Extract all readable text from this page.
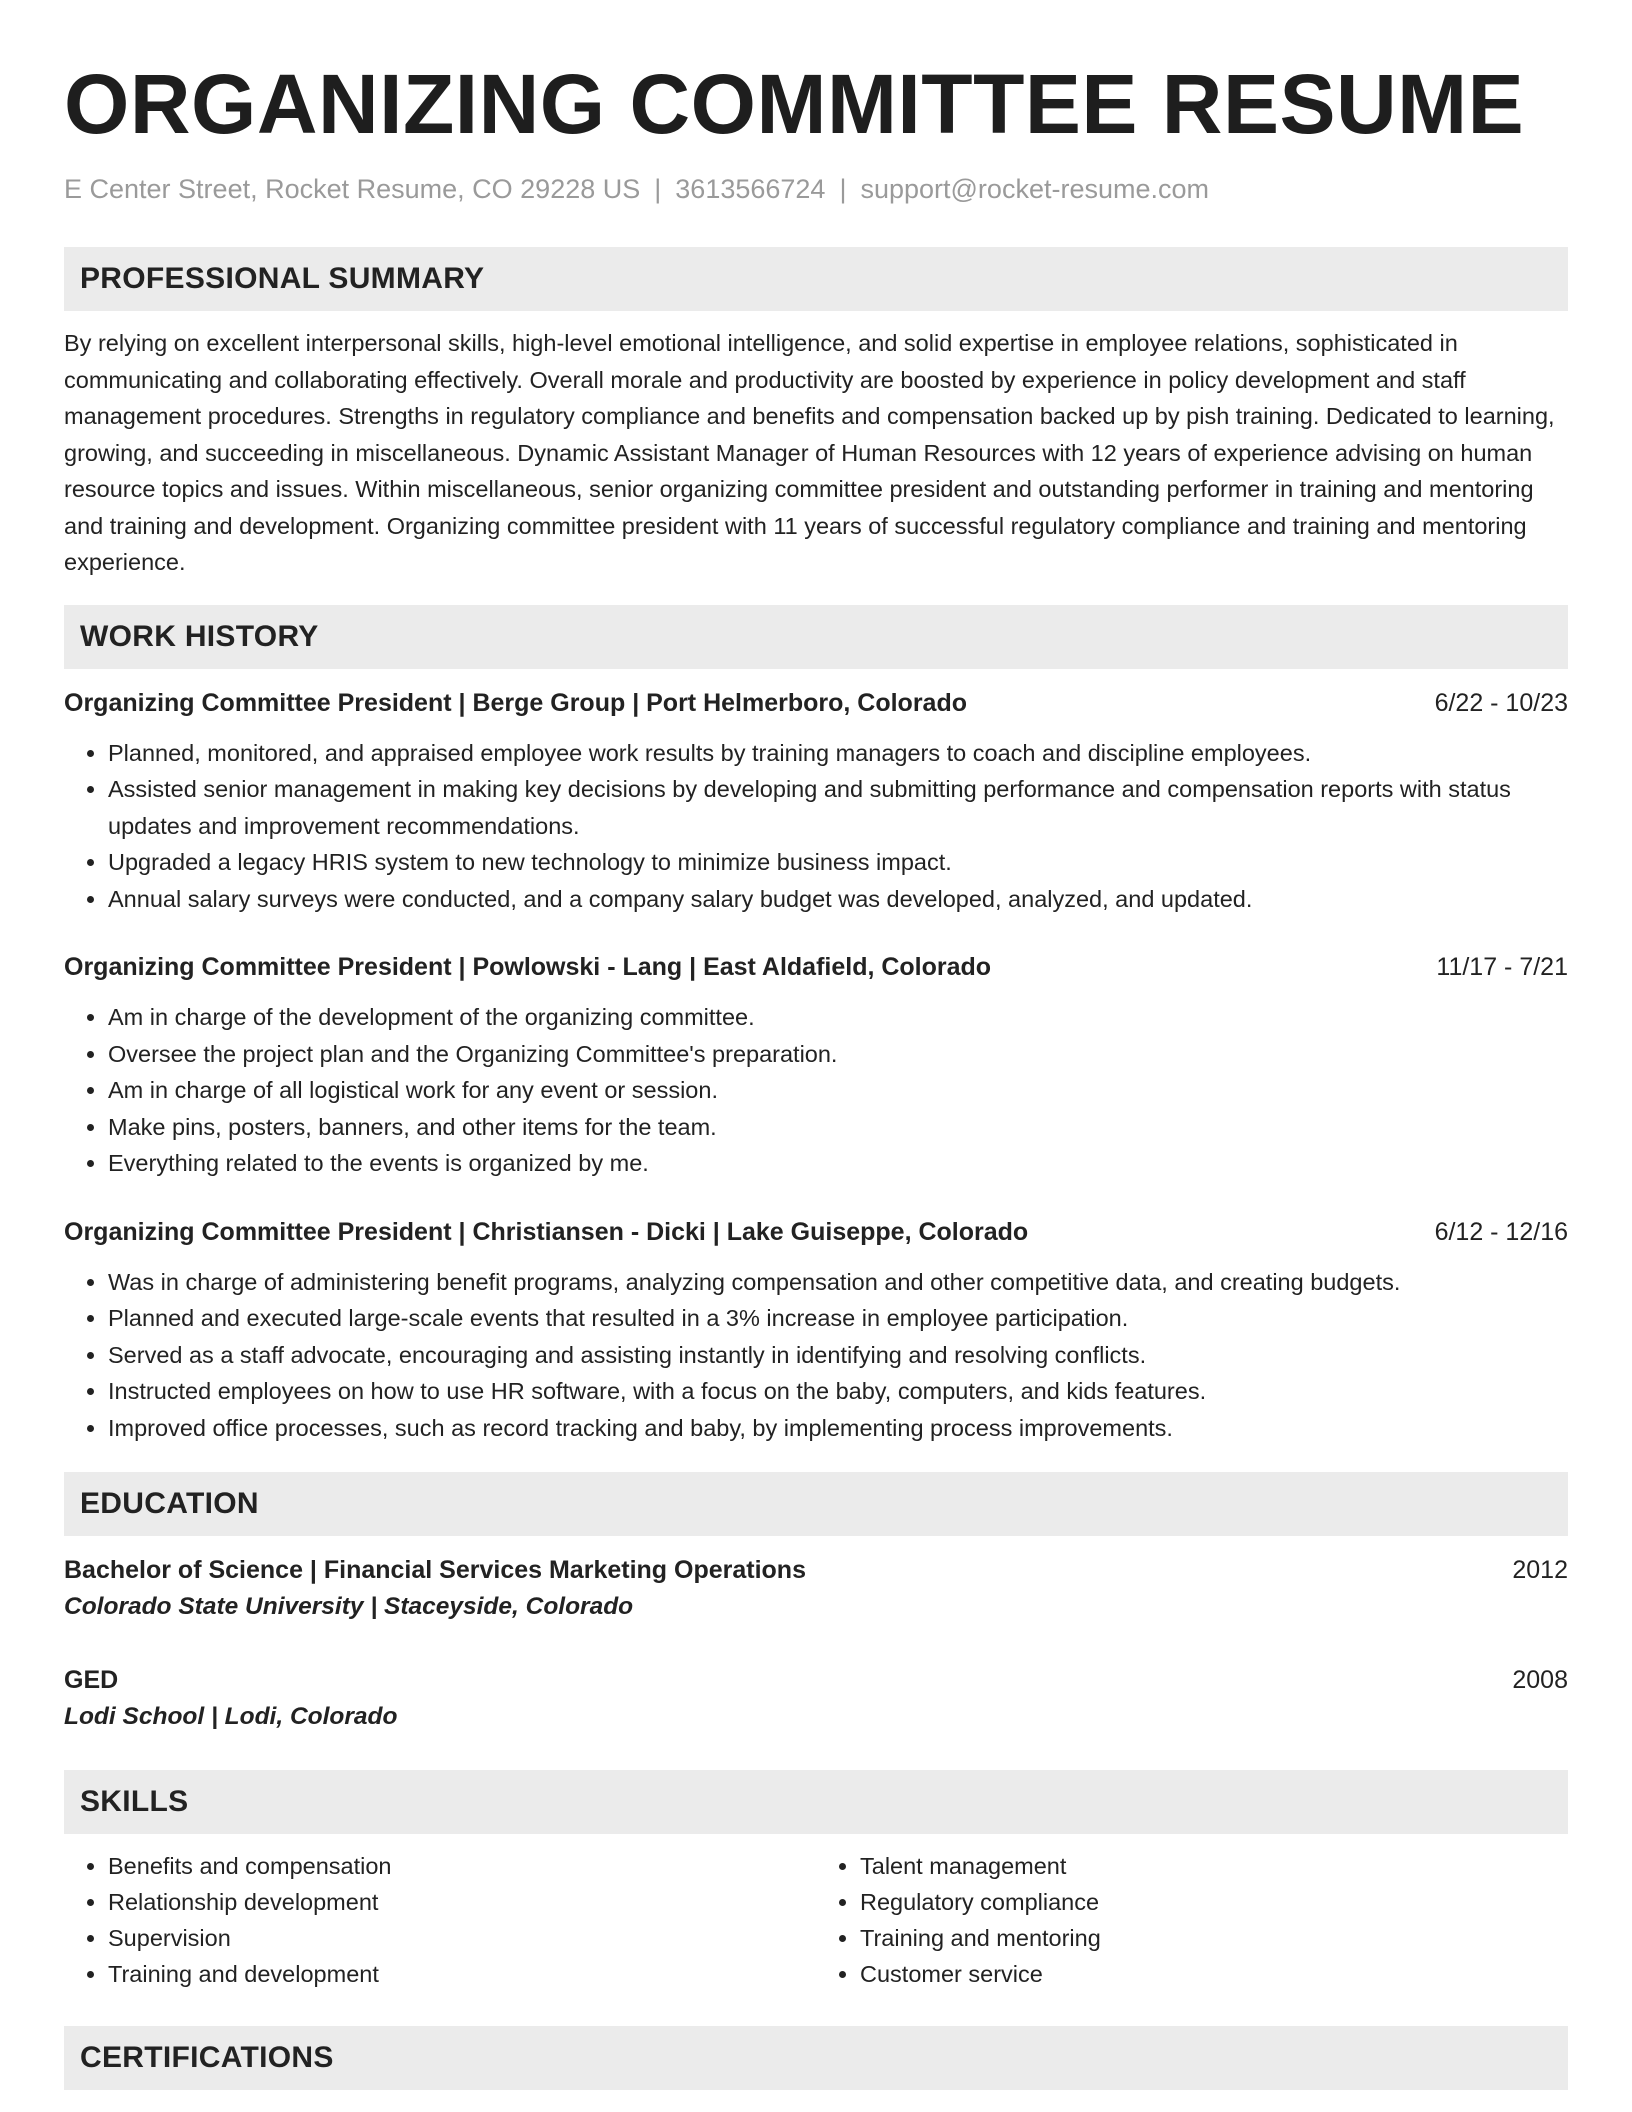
ORGANIZING COMMITTEE RESUME
E Center Street, Rocket Resume, CO 29228 US | 3613566724 | support@rocket-resume.com
PROFESSIONAL SUMMARY

By relying on excellent interpersonal skills, high-level emotional intelligence, and solid expertise in employee relations, sophisticated in communicating and collaborating effectively. Overall morale and productivity are boosted by experience in policy development and staff management procedures. Strengths in regulatory compliance and benefits and compensation backed up by pish training. Dedicated to learning, growing, and succeeding in miscellaneous. Dynamic Assistant Manager of Human Resources with 12 years of experience advising on human resource topics and issues. Within miscellaneous, senior organizing committee president and outstanding performer in training and mentoring and training and development. Organizing committee president with 11 years of successful regulatory compliance and training and mentoring experience.

WORK HISTORY
Organizing Committee President | Berge Group | Port Helmerboro, Colorado	6/22 - 10/23
• Planned, monitored, and appraised employee work results by training managers to coach and discipline employees.
• Assisted senior management in making key decisions by developing and submitting performance and compensation reports with status updates and improvement recommendations.
• Upgraded a legacy HRIS system to new technology to minimize business impact.
• Annual salary surveys were conducted, and a company salary budget was developed, analyzed, and updated.
Organizing Committee President | Powlowski - Lang | East Aldafield, Colorado	11/17 - 7/21
• Am in charge of the development of the organizing committee.
• Oversee the project plan and the Organizing Committee's preparation.
• Am in charge of all logistical work for any event or session.
• Make pins, posters, banners, and other items for the team.
• Everything related to the events is organized by me.
Organizing Committee President | Christiansen - Dicki | Lake Guiseppe, Colorado	6/12 - 12/16
• Was in charge of administering benefit programs, analyzing compensation and other competitive data, and creating budgets.
• Planned and executed large-scale events that resulted in a 3% increase in employee participation.
• Served as a staff advocate, encouraging and assisting instantly in identifying and resolving conflicts.
• Instructed employees on how to use HR software, with a focus on the baby, computers, and kids features.
• Improved office processes, such as record tracking and baby, by implementing process improvements.
EDUCATION
Bachelor of Science | Financial Services Marketing Operations	2012
Colorado State University | Staceyside, Colorado
GED	2008
Lodi School | Lodi, Colorado
SKILLS
• Benefits and compensation
• Relationship development
• Supervision
• Training and development
• Talent management
• Regulatory compliance
• Training and mentoring
• Customer service
CERTIFICATIONS
